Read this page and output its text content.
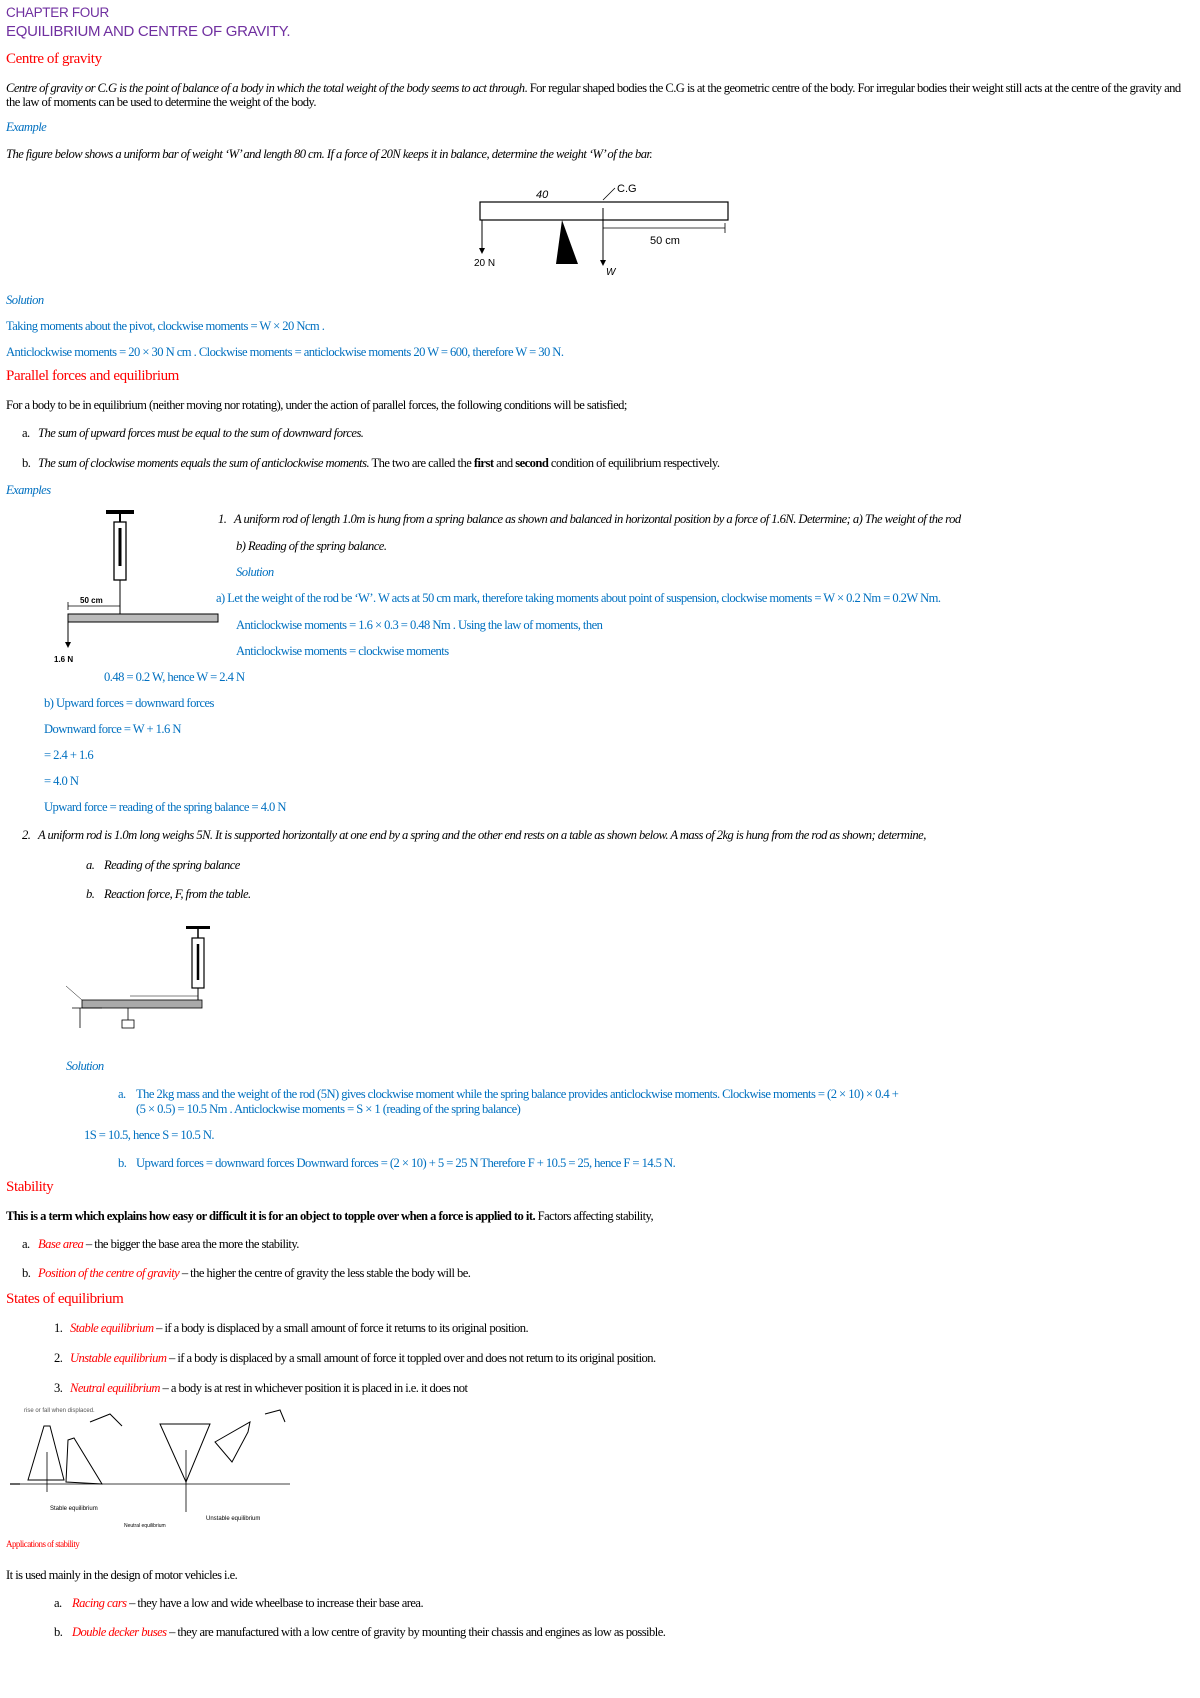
CHAPTER FOUR
EQUILIBRIUM AND CENTRE OF GRAVITY.
Centre of gravity
Centre of gravity or C.G is the point of balance of a body in which the total weight of the body seems to act through. For regular shaped bodies the C.G is at the geometric centre of the body. For irregular bodies their weight still acts at the centre of the gravity and the law of moments can be used to determine the weight of the body.
Example
The figure below shows a uniform bar of weight ‘W’ and length 80 cm. If a force of 20N keeps it in balance, determine the weight ‘W’ of the bar.
40	C.G
50 cm
20 N
W
Solution
Taking moments about the pivot, clockwise moments = W × 20 Ncm .
Anticlockwise moments = 20 × 30 N cm . Clockwise moments = anticlockwise moments 20 W = 600, therefore W = 30 N.
Parallel forces and equilibrium
For a body to be in equilibrium (neither moving nor rotating), under the action of parallel forces, the following conditions will be satisfied;
a. The sum of upward forces must be equal to the sum of downward forces.
b. The sum of clockwise moments equals the sum of anticlockwise moments. The two are called the first and second condition of equilibrium respectively.
Examples
50 cm
1.6 N
1. A uniform rod of length 1.0m is hung from a spring balance as shown and balanced in horizontal position by a force of 1.6N. Determine; a) The weight of the rod
b) Reading of the spring balance.
Solution
a) Let the weight of the rod be ‘W’. W acts at 50 cm mark, therefore taking moments about point of suspension, clockwise moments = W × 0.2 Nm = 0.2W Nm.
Anticlockwise moments = 1.6 × 0.3 = 0.48 Nm . Using the law of moments, then
Anticlockwise moments = clockwise moments
0.48 = 0.2 W, hence W = 2.4 N
b) Upward forces = downward forces
Downward force = W + 1.6 N
= 2.4 + 1.6
= 4.0 N
Upward force = reading of the spring balance = 4.0 N
2. A uniform rod is 1.0m long weighs 5N. It is supported horizontally at one end by a spring and the other end rests on a table as shown below. A mass of 2kg is hung from the rod as shown; determine,
a. Reading of the spring balance
b. Reaction force, F, from the table.
Solution
a. The 2kg mass and the weight of the rod (5N) gives clockwise moment while the spring balance provides anticlockwise moments. Clockwise moments = (2 × 10) × 0.4 +
(5 × 0.5) = 10.5 Nm . Anticlockwise moments = S × 1 (reading of the spring balance)
1S = 10.5, hence S = 10.5 N.
b. Upward forces = downward forces Downward forces = (2 × 10) + 5 = 25 N Therefore F + 10.5 = 25, hence F = 14.5 N.
Stability
This is a term which explains how easy or difficult it is for an object to topple over when a force is applied to it. Factors affecting stability,
a. Base area – the bigger the base area the more the stability.
b. Position of the centre of gravity – the higher the centre of gravity the less stable the body will be.
States of equilibrium
1. Stable equilibrium – if a body is displaced by a small amount of force it returns to its original position.
2. Unstable equilibrium – if a body is displaced by a small amount of force it toppled over and does not return to its original position.
3. Neutral equilibrium – a body is at rest in whichever position it is placed in i.e. it does not
rise or fall when displaced.
Stable equilibrium
Unstable equilibrium
Neutral equilibrium
Applications of stability
It is used mainly in the design of motor vehicles i.e.
a. Racing cars – they have a low and wide wheelbase to increase their base area.
b. Double decker buses – they are manufactured with a low centre of gravity by mounting their chassis and engines as low as possible.
